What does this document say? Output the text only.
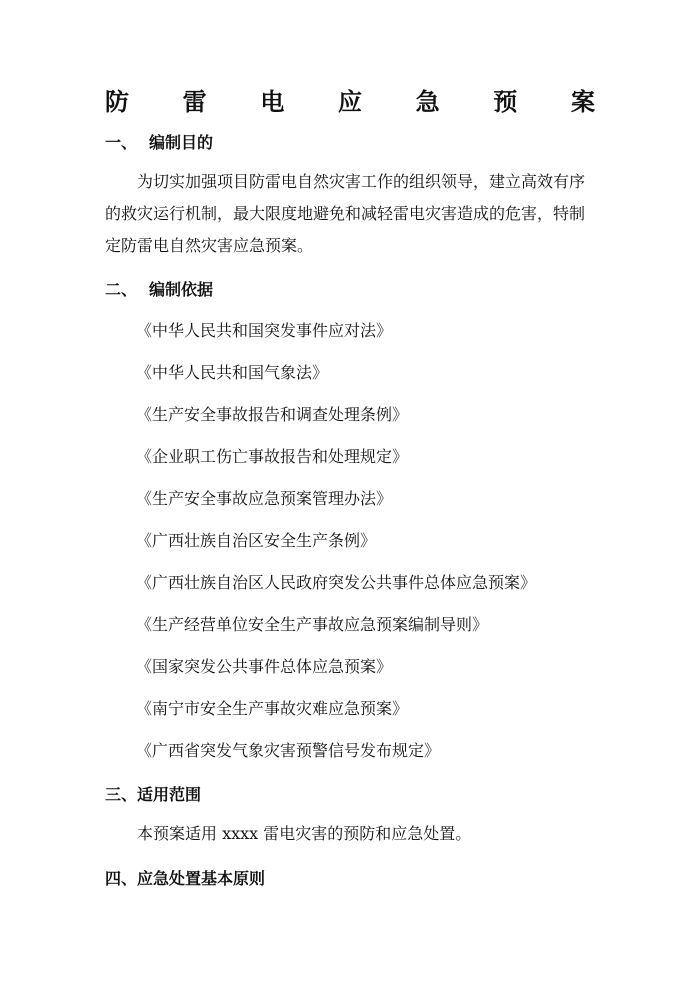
防 雷 电 应 急 预 案
一、 编制目的
为切实加强项目防雷电自然灾害工作的组织领导，建立高效有序
的救灾运行机制，最大限度地避免和减轻雷电灾害造成的危害，特制
定防雷电自然灾害应急预案。
二、 编制依据
《中华人民共和国突发事件应对法》
《中华人民共和国气象法》
《生产安全事故报告和调查处理条例》
《企业职工伤亡事故报告和处理规定》
《生产安全事故应急预案管理办法》
《广西壮族自治区安全生产条例》
《广西壮族自治区人民政府突发公共事件总体应急预案》
《生产经营单位安全生产事故应急预案编制导则》
《国家突发公共事件总体应急预案》
《南宁市安全生产事故灾难应急预案》
《广西省突发气象灾害预警信号发布规定》
三、适用范围
本预案适用 xxxx 雷电灾害的预防和应急处置。
四、应急处置基本原则
